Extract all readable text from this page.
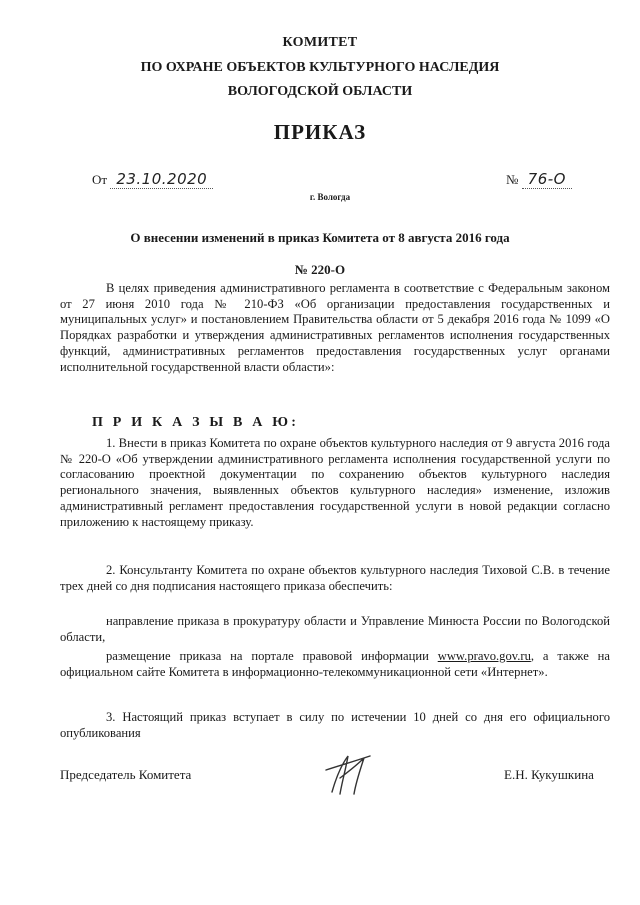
КОМИТЕТ
ПО ОХРАНЕ ОБЪЕКТОВ КУЛЬТУРНОГО НАСЛЕДИЯ
ВОЛОГОДСКОЙ ОБЛАСТИ
ПРИКАЗ
От 23.10.2020	№ 76-О
г. Вологда
О внесении изменений в приказ Комитета от 8 августа 2016 года
№ 220-О

В целях приведения административного регламента в соответствие с Федеральным законом от 27 июня 2010 года № 210-ФЗ «Об организации предоставления государственных и муниципальных услуг» и постановлением Правительства области от 5 декабря 2016 года № 1099 «О Порядках разработки и утверждения административных регламентов исполнения государственных функций, административных регламентов предоставления государственных услуг органами исполнительной государственной власти области»:

П Р И К А З Ы В А Ю:

1. Внести в приказ Комитета по охране объектов культурного наследия от 9 августа 2016 года № 220-О «Об утверждении административного регламента исполнения государственной услуги по согласованию проектной документации по сохранению объектов культурного наследия регионального значения, выявленных объектов культурного наследия» изменение, изложив административный регламент предоставления государственной услуги в новой редакции согласно приложению к настоящему приказу.

2. Консультанту Комитета по охране объектов культурного наследия Тиховой С.В. в течение трех дней со дня подписания настоящего приказа обеспечить:

направление приказа в прокуратуру области и Управление Минюста России по Вологодской области,

размещение приказа на портале правовой информации www.pravo.gov.ru, а также на официальном сайте Комитета в информационно-телекоммуникационной сети «Интернет».

3. Настоящий приказ вступает в силу по истечении 10 дней со дня его официального опубликования

Председатель Комитета	Е.Н. Кукушкина
